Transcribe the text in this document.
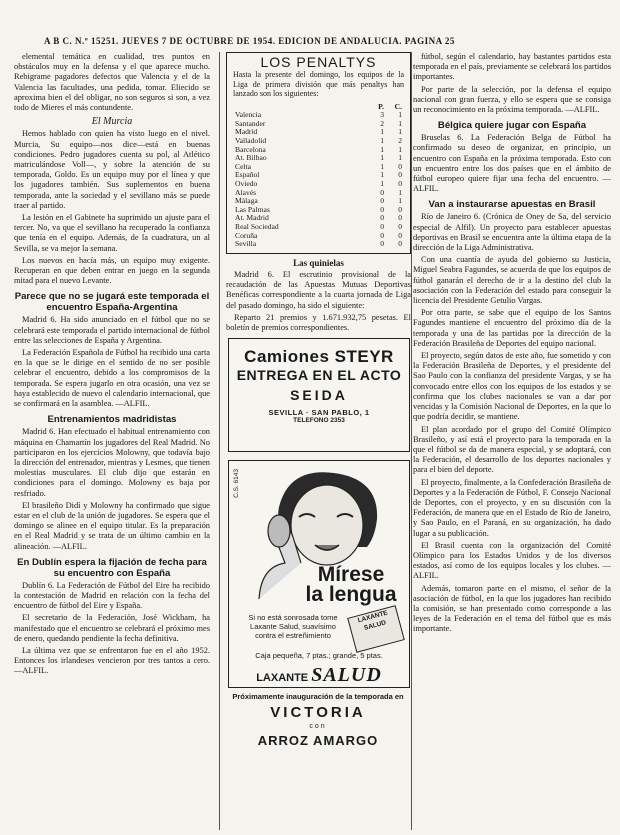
A B C. N.º 15251. JUEVES 7 DE OCTUBRE DE 1954. EDICION DE ANDALUCIA. PAGINA 25

elemental temática en cualidad, tres puntos en obstáculos muy en la defensa y el que aparece mucho. Rebigrame pagadores defectos que Valencia y el de la Valencia las facultades, una pedida, tomar. Eliecido se aproxima bien el del obligar, no son seguros si son, a vez todo de Mieres el más contundente.

El Murcia

Hemos hablado con quien ha visto luego en el nivel. Murcia, Su equipo—nos dice—está en buenas condiciones. Pedro jugadores cuenta su pol, al Atlético matriculándose Voll—, y sobre la atención de su temporada, Goldo. Es un equipo muy por el línea y que los jugadores también. Sus suplementos en buena temporada, ante la sociedad y el sevillano más se puede traer al partido.

La lesión en el Gabinete ha suprimido un ajuste para el tercer. No, va que el sevillano ha recuperado la confianza que tenía en el equipo. Además, de la cuadratura, un al Sevilla, se va mejor la semana.

Los nuevos en hacía más, un equipo muy exigente. Recuperan en que deben entrar en juego en la segunda mitad para el nuevo Levante.

Parece que no se jugará este temporada el encuentro España-Argentina

Madrid 6. Ha sido anunciado en el fútbol que no se celebrará este temporada el partido internacional de fútbol entre las selecciones de España y Argentina.

La Federación Española de Fútbol ha recibido una carta en la que se le dirige en el sentido de no ser posible celebrar el encuentro, debido a los compromisos de la temporada. Se espera jugarlo en otra ocasión, una vez se haya establecido de nuevo el calendario internacional, que se confirmará en la asamblea. —ALFIL.

Entrenamientos madridistas

Madrid 6. Han efectuado el habitual entrenamiento con máquina en Chamartín los jugadores del Real Madrid. No participaron en los ejercicios Molowny, que todavía bajo la dirección del entrenador, mientras y Lesmes, que tienen molestias musculares. El club dijo que estarán en condiciones para el domingo. Molowny es baja por resfriado.

El brasileño Didí y Molowny ha confirmado que sigue estar en el club de la unión de jugadores. Se espera que el domingo se alinee en el equipo titular. Es la preparación en el Real Madrid y se trata de un último cambio en la alineación. —ALFIL.

En Dublín espera la fijación de fecha para su encuentro con España

Dublín 6. La Federación de Fútbol del Eire ha recibido la contestación de Madrid en relación con la fecha del encuentro de fútbol del Eire y España.

El secretario de la Federación, José Wickham, ha manifestado que el encuentro se celebrará el próximo mes de enero, quedando pendiente la fecha definitiva.

La última vez que se enfrentaron fue en el año 1952. Entonces los irlandeses vencieron por tres tantos a cero. —ALFIL.

LOS PENALTYS
Hasta la presente del domingo, los equipos de la Liga de primera división que más penaltys han lanzado son los siguientes:
	P.	C.
Valencia	3	1
Santander	2	1
Madrid	1	1
Valladolid	1	2
Barcelona	1	1
At. Bilbao	1	1
Celta	1	0
Español	1	0
Oviedo	1	0
Alavés	0	1
Málaga	0	1
Las Palmas	0	0
At. Madrid	0	0
Real Sociedad	0	0
Coruña	0	0
Sevilla	0	0
Las quinielas

Madrid 6. El escrutinio provisional de la recaudación de las Apuestas Mutuas Deportivas Benéficas correspondiente a la cuarta jornada de Liga del pasado domingo, ha sido el siguiente:

Reparto 21 premios y 1.671.932,75 pesetas. El boletín de premios correspondientes.

Camiones STEYR
ENTREGA EN EL ACTO
SEIDA
SEVILLA · SAN PABLO, 1
TELEFONO 2353
C.S. 6143
Mírese
la lengua
Si no está sonrosada tome Laxante Salud, suavísimo contra el estreñimiento
LAXANTE SALUD
Caja pequeña, 7 ptas.; grande, 5 ptas.
LAXANTE SALUD
Próximamente inauguración de la temporada en
VICTORIA
con
ARROZ AMARGO

fútbol, según el calendario, hay bastantes partidos esta temporada en el país, previamente se celebrará los partidos importantes.

Por parte de la selección, por la defensa el equipo nacional con gran fuerza, y ello se espera que se consiga un reconocimiento en la próxima temporada. —ALFIL.

Bélgica quiere jugar con España

Bruselas 6. La Federación Belga de Fútbol ha confirmado su deseo de organizar, en principio, un encuentro con España en la próxima temporada. Esto con un encuentro entre los dos países que en el ámbito de fútbol europeo quiere fijar una fecha del encuentro. —ALFIL.

Van a instaurarse apuestas en Brasil

Río de Janeiro 6. (Crónica de Oney de Sa, del servicio especial de Alfil). Un proyecto para establecer apuestas deportivas en Brasil se encuentra ante la última etapa de la dirección de la Liga Administrativa.

Con una cuantía de ayuda del gobierno su Justicia, Miguel Seabra Fagundes, se acuerda de que los equipos de fútbol ganarán el derecho de ir a la destino del club la asociación con la Federación del estado para conseguir la licencia del Presidente Getulio Vargas.

Por otra parte, se sabe que el equipo de los Santos Fagundes mantiene el encuentro del próximo día de la temporada y una de las partidas por la dirección de la Federación Brasileña de Deportes del equipo nacional.

El proyecto, según datos de este año, fue sometido y con la Federación Brasileña de Deportes, y el presidente del Sao Paulo con la confianza del presidente Vargas, y se ha convocado entre ellos con los equipos de los estados y se confirma que los clubes nacionales se van a dar por vencidas y la Comisión Nacional de Deportes, en la que lo que podría decidir, se mantiene.

El plan acordado por el grupo del Comité Olímpico Brasileño, y así está el proyecto para la temporada en la que el fútbol se da de manera especial, y se adoptará, con la Federación, el desarrollo de los deportes nacionales y para el bien del deporte.

El proyecto, finalmente, a la Confederación Brasileña de Deportes y a la Federación de Fútbol, F. Consejo Nacional de Deportes, con el proyecto, y en su discusión con la Federación, de manera que en el Estado de Río de Janeiro, y Sao Paulo, en el Paraná, en su organización, ha dado lugar a su publicación.

El Brasil cuenta con la organización del Comité Olímpico para los Estados Unidos y de los diversos estados, así como de los equipos locales y los clubes. —ALFIL.

Además, tomaron parte en el mismo, el señor de la asociación de fútbol, en la que los jugadores han recibido la comisión, se han presentado como corresponde a las leyes de la Federación en el tema del fútbol que es más importante.
